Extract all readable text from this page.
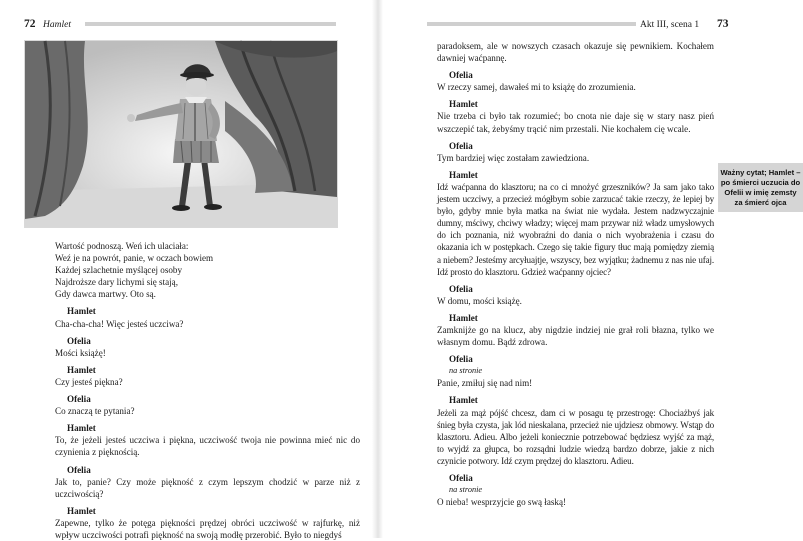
72 Hamlet

Wartość podnoszą. Weń ich ulaciała:

Weź je na powrót, panie, w oczach bowiem

Każdej szlachetnie myślącej osoby

Najdroższe dary lichymi się stają,

Gdy dawca martwy. Oto są.

Hamlet

Cha-cha-cha! Więc jesteś uczciwa?

Ofelia

Mości książę!

Hamlet

Czy jesteś piękna?

Ofelia

Co znaczą te pytania?

Hamlet

To, że jeżeli jesteś uczciwa i piękna, uczciwość twoja nie powinna mieć nic do czynienia z pięknością.

Ofelia

Jak to, panie? Czy może piękność z czym lepszym chodzić w parze niż z uczciwością?

Hamlet

Zapewne, tylko że potęga piękności prędzej obróci uczciwość w rajfurkę, niż wpływ uczciwości potrafi piękność na swoją modłę przerobić. Było to niegdyś

Akt III, scena 1 73

paradoksem, ale w nowszych czasach okazuje się pewnikiem. Kochałem dawniej waćpannę.

Ofelia

W rzeczy samej, dawałeś mi to książę do zrozumienia.

Hamlet

Nie trzeba ci było tak rozumieć; bo cnota nie daje się w stary nasz pień wszczepić tak, żebyśmy trącić nim przestali. Nie kochałem cię wcale.

Ofelia

Tym bardziej więc zostałam zawiedziona.

Hamlet

Idź waćpanna do klasztoru; na co ci mnożyć grzeszników? Ja sam jako tako jestem uczciwy, a przecież mógłbym sobie zarzucać takie rzeczy, że lepiej by było, gdyby mnie była matka na świat nie wydała. Jestem nadzwyczajnie dumny, mściwy, chciwy władzy; więcej mam przywar niż władz umysłowych do ich poznania, niż wyobraźni do dania o nich wyobrażenia i czasu do okazania ich w postępkach. Czego się takie figury tłuc mają pomiędzy ziemią a niebem? Jesteśmy arcyłuajtje, wszyscy, bez wyjątku; żadnemu z nas nie ufaj. Idź prosto do klasztoru. Gdzież waćpanny ojciec?

Ofelia

W domu, mości książę.

Hamlet

Zamknijże go na klucz, aby nigdzie indziej nie grał roli błazna, tylko we własnym domu. Bądź zdrowa.

Ofelia

na stronie

Panie, zmiłuj się nad nim!

Hamlet

Jeżeli za mąż pójść chcesz, dam ci w posagu tę przestrogę: Chociażbyś jak śnieg była czysta, jak lód nieskalana, przecież nie ujdziesz obmowy. Wstąp do klasztoru. Adieu. Albo jeżeli koniecznie potrzebować będziesz wyjść za mąż, to wyjdź za głupca, bo rozsądni ludzie wiedzą bardzo dobrze, jakie z nich czynicie potwory. Idź czym prędzej do klasztoru. Adieu.

Ofelia

na stronie

O nieba! wesprzyjcie go swą łaską!

Ważny cytat; Hamlet – po śmierci uczucia do Ofelii w imię zemsty za śmierć ojca
